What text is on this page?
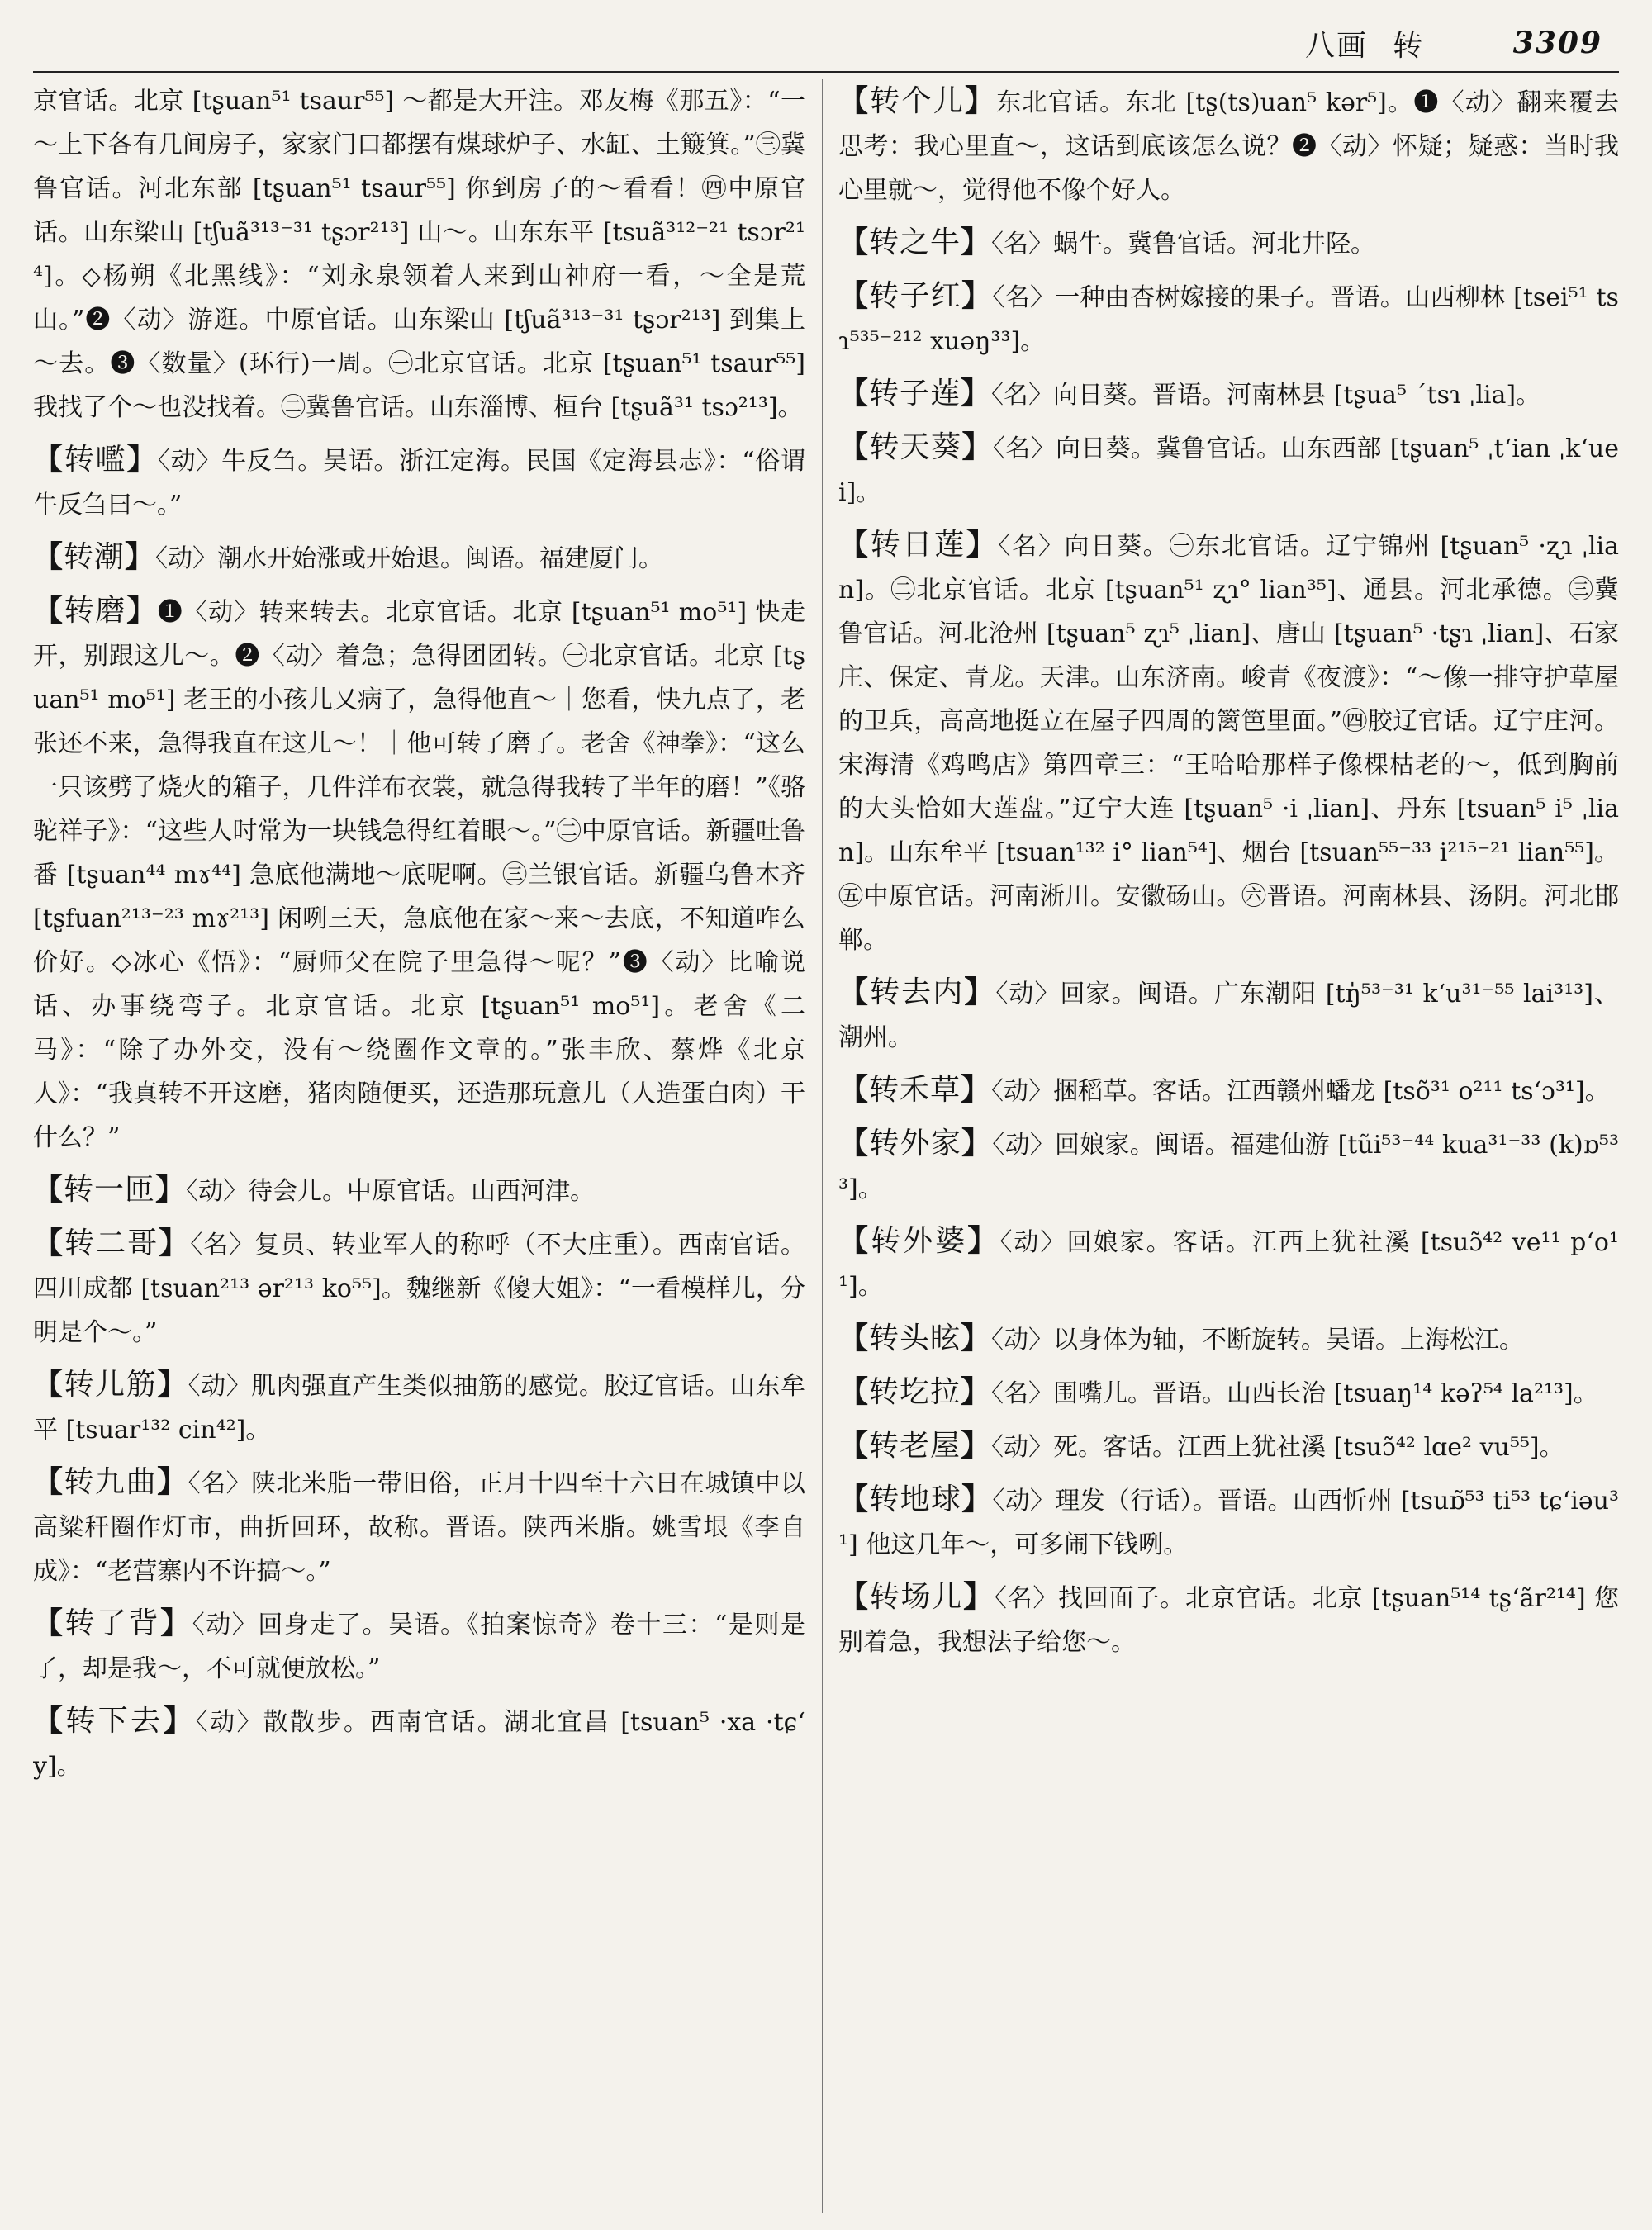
八画 转	3309
京官话。北京 [tʂuan⁵¹ tsaur⁵⁵] ～都是大开注。邓友梅《那五》：“一～上下各有几间房子，家家门口都摆有煤球炉子、水缸、土簸箕。”㊂冀鲁官话。河北东部 [tʂuan⁵¹ tsaur⁵⁵] 你到房子的～看看！㊃中原官话。山东梁山 [tʃuã³¹³⁻³¹ tʂɔr²¹³] 山～。山东东平 [tsuã³¹²⁻²¹ tsɔr²¹⁴]。◇杨朔《北黑线》：“刘永泉领着人来到山神府一看，～全是荒山。”❷〈动〉游逛。中原官话。山东梁山 [tʃuã³¹³⁻³¹ tʂɔr²¹³] 到集上～去。❸〈数量〉(环行)一周。㊀北京官话。北京 [tʂuan⁵¹ tsaur⁵⁵] 我找了个～也没找着。㊁冀鲁官话。山东淄博、桓台 [tʂuã³¹ tsɔ²¹³]。
【转嚂】〈动〉牛反刍。吴语。浙江定海。民国《定海县志》：“俗谓牛反刍曰～。”
【转潮】〈动〉潮水开始涨或开始退。闽语。福建厦门。
【转磨】❶〈动〉转来转去。北京官话。北京 [tʂuan⁵¹ mo⁵¹] 快走开，别跟这儿～。❷〈动〉着急；急得团团转。㊀北京官话。北京 [tʂuan⁵¹ mo⁵¹] 老王的小孩儿又病了，急得他直～｜您看，快九点了，老张还不来，急得我直在这儿～！｜他可转了磨了。老舍《神拳》：“这么一只该劈了烧火的箱子，几件洋布衣裳，就急得我转了半年的磨！”《骆驼祥子》：“这些人时常为一块钱急得红着眼～。”㊁中原官话。新疆吐鲁番 [tʂuan⁴⁴ mɤ⁴⁴] 急底他满地～底呢啊。㊂兰银官话。新疆乌鲁木齐 [tʂfuan²¹³⁻²³ mɤ²¹³] 闲咧三天，急底他在家～来～去底，不知道咋么价好。◇冰心《悟》：“厨师父在院子里急得～呢？”❸〈动〉比喻说话、办事绕弯子。北京官话。北京 [tʂuan⁵¹ mo⁵¹]。老舍《二马》：“除了办外交，没有～绕圈作文章的。”张丰欣、蔡烨《北京人》：“我真转不开这磨，猪肉随便买，还造那玩意儿（人造蛋白肉）干什么？”
【转一匝】〈动〉待会儿。中原官话。山西河津。
【转二哥】〈名〉复员、转业军人的称呼（不大庄重）。西南官话。四川成都 [tsuan²¹³ ər²¹³ ko⁵⁵]。魏继新《傻大姐》：“一看模样儿，分明是个～。”
【转儿筋】〈动〉肌肉强直产生类似抽筋的感觉。胶辽官话。山东牟平 [tsuar¹³² cin⁴²]。
【转九曲】〈名〉陕北米脂一带旧俗，正月十四至十六日在城镇中以高粱秆圈作灯市，曲折回环，故称。晋语。陕西米脂。姚雪垠《李自成》：“老营寨内不许搞～。”
【转了背】〈动〉回身走了。吴语。《拍案惊奇》卷十三：“是则是了，却是我～，不可就便放松。”
【转下去】〈动〉散散步。西南官话。湖北宜昌 [tsuan⁵ ·xa ·tɕʻy]。
【转个儿】东北官话。东北 [tʂ(ts)uan⁵ kər⁵]。❶〈动〉翻来覆去思考：我心里直～，这话到底该怎么说？❷〈动〉怀疑；疑惑：当时我心里就～，觉得他不像个好人。
【转之牛】〈名〉蜗牛。冀鲁官话。河北井陉。
【转子红】〈名〉一种由杏树嫁接的果子。晋语。山西柳林 [tsei⁵¹ tsɿ⁵³⁵⁻²¹² xuəŋ³³]。
【转子莲】〈名〉向日葵。晋语。河南林县 [tʂua⁵ ˊtsɿ ˌlia]。
【转天葵】〈名〉向日葵。冀鲁官话。山东西部 [tʂuan⁵ ˌtʻian ˌkʻuei]。
【转日莲】〈名〉向日葵。㊀东北官话。辽宁锦州 [tʂuan⁵ ·ʐɿ ˌlian]。㊁北京官话。北京 [tʂuan⁵¹ ʐɿ° lian³⁵]、通县。河北承德。㊂冀鲁官话。河北沧州 [tʂuan⁵ ʐɿ⁵ ˌlian]、唐山 [tʂuan⁵ ·tʂɿ ˌlian]、石家庄、保定、青龙。天津。山东济南。峻青《夜渡》：“～像一排守护草屋的卫兵，高高地挺立在屋子四周的篱笆里面。”㊃胶辽官话。辽宁庄河。宋海清《鸡鸣店》第四章三：“王哈哈那样子像棵枯老的～，低到胸前的大头恰如大莲盘。”辽宁大连 [tʂuan⁵ ·i ˌlian]、丹东 [tsuan⁵ i⁵ ˌlian]。山东牟平 [tsuan¹³² i° lian⁵⁴]、烟台 [tsuan⁵⁵⁻³³ i²¹⁵⁻²¹ lian⁵⁵]。㊄中原官话。河南淅川。安徽砀山。㊅晋语。河南林县、汤阴。河北邯郸。
【转去内】〈动〉回家。闽语。广东潮阳 [tŋ̍⁵³⁻³¹ kʻu³¹⁻⁵⁵ lai³¹³]、潮州。
【转禾草】〈动〉捆稻草。客话。江西赣州蟠龙 [tsõ³¹ o²¹¹ tsʻɔ³¹]。
【转外家】〈动〉回娘家。闽语。福建仙游 [tũi⁵³⁻⁴⁴ kua³¹⁻³³ (k)ɒ⁵³³]。
【转外婆】〈动〉回娘家。客话。江西上犹社溪 [tsuɔ̃⁴² ve¹¹ pʻo¹¹]。
【转头眩】〈动〉以身体为轴，不断旋转。吴语。上海松江。
【转圪拉】〈名〉围嘴儿。晋语。山西长治 [tsuaŋ¹⁴ kəʔ⁵⁴ la²¹³]。
【转老屋】〈动〉死。客话。江西上犹社溪 [tsuɔ̃⁴² lɑe² vu⁵⁵]。
【转地球】〈动〉理发（行话）。晋语。山西忻州 [tsuɒ̃⁵³ ti⁵³ tɕʻiəu³¹] 他这几年～，可多闹下钱咧。
【转场儿】〈名〉找回面子。北京官话。北京 [tʂuan⁵¹⁴ tʂʻãr²¹⁴] 您别着急，我想法子给您～。
